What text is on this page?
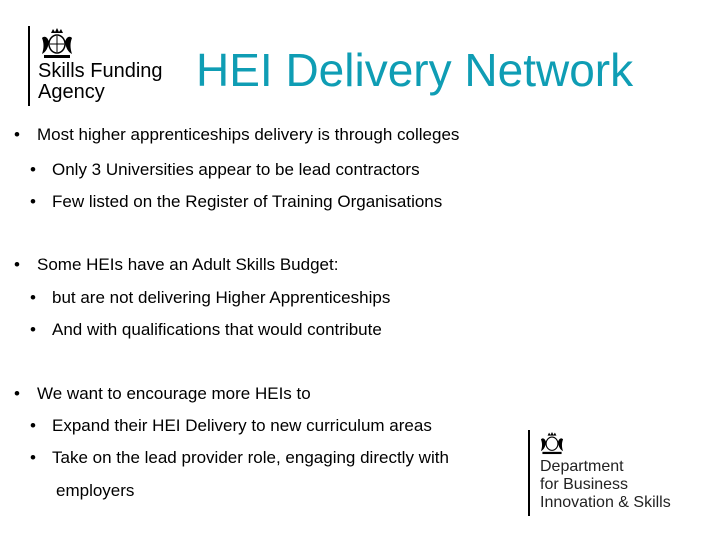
Skills Funding
Agency	HEI Delivery Network
• Most higher apprenticeships delivery is through colleges
• Only 3 Universities appear to be lead contractors
• Few listed on the Register of Training Organisations
• Some HEIs have an Adult Skills Budget:
• but are not delivering Higher Apprenticeships
• And with qualifications that would contribute
• We want to encourage more HEIs to
• Expand their HEI Delivery to new curriculum areas
• Take on the lead provider role, engaging directly with
employers
Department
for Business
Innovation & Skills
